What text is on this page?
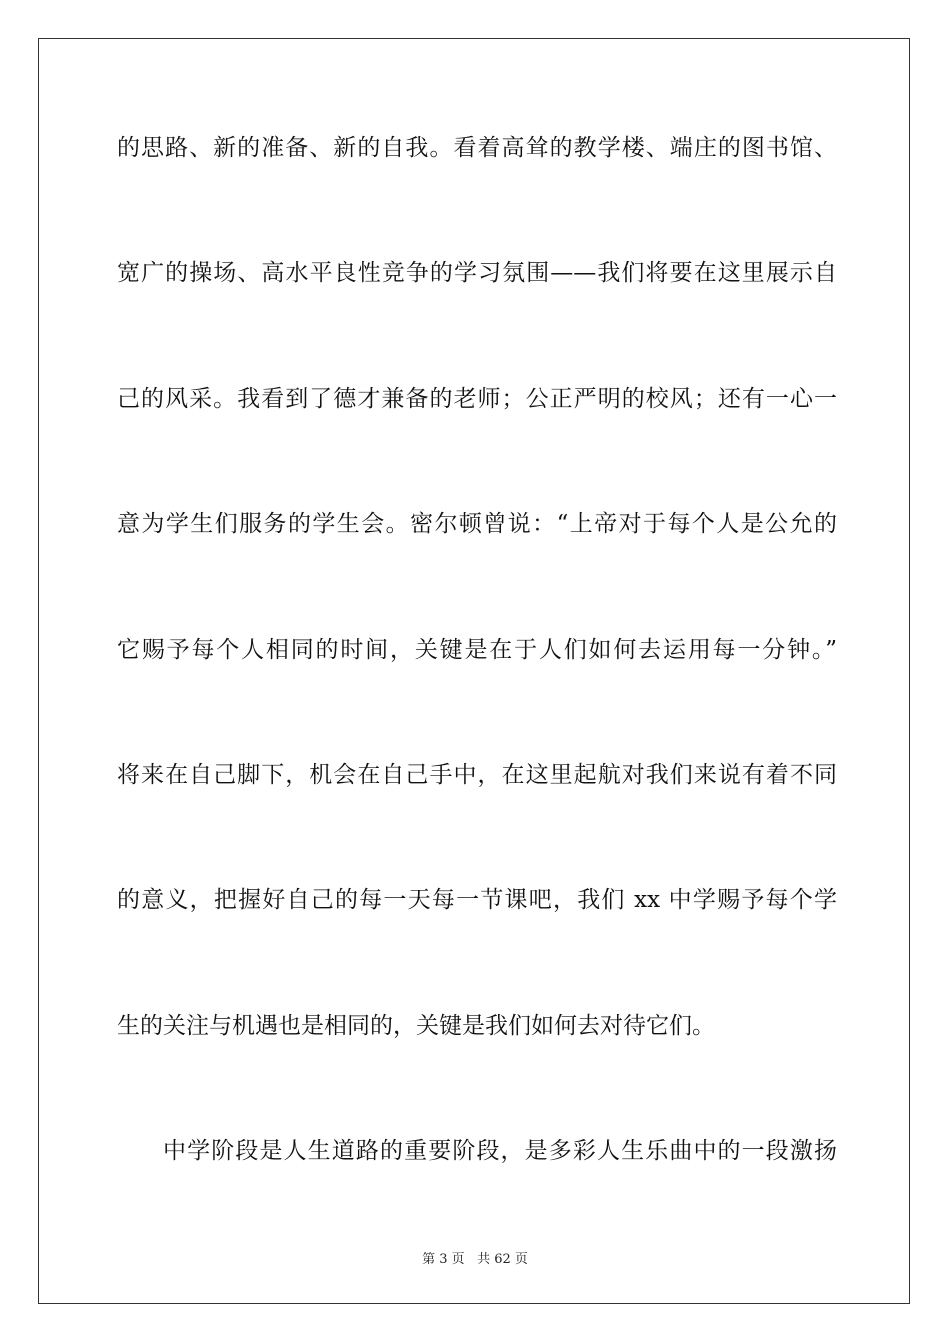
的思路、新的准备、新的自我。看着高耸的教学楼、端庄的图书馆、
宽广的操场、高水平良性竞争的学习氛围——我们将要在这里展示自
己的风采。我看到了德才兼备的老师；公正严明的校风；还有一心一
意为学生们服务的学生会。密尔顿曾说：“上帝对于每个人是公允的
它赐予每个人相同的时间，关键是在于人们如何去运用每一分钟。”
将来在自己脚下，机会在自己手中，在这里起航对我们来说有着不同
的意义，把握好自己的每一天每一节课吧，我们 xx 中学赐予每个学
生的关注与机遇也是相同的，关键是我们如何去对待它们。
中学阶段是人生道路的重要阶段，是多彩人生乐曲中的一段激扬
第 3 页 共 62 页
